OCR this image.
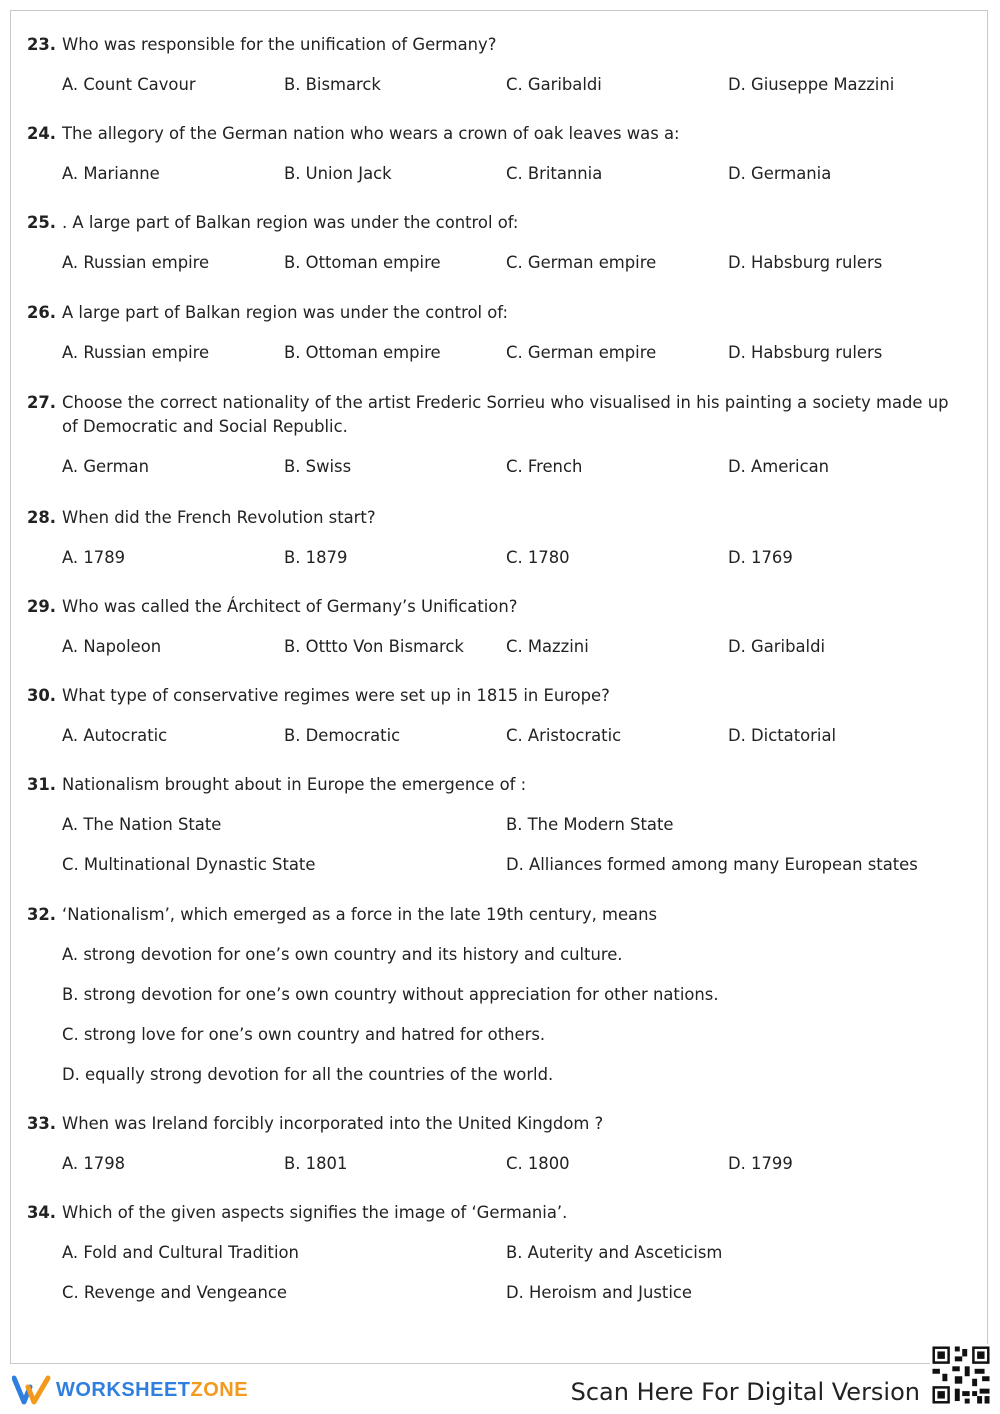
23. Who was responsible for the unification of Germany?
A. Count Cavour	B. Bismarck	C. Garibaldi	D. Giuseppe Mazzini
24. The allegory of the German nation who wears a crown of oak leaves was a:
A. Marianne	B. Union Jack	C. Britannia	D. Germania
25. . A large part of Balkan region was under the control of:
A. Russian empire	B. Ottoman empire	C. German empire	D. Habsburg rulers
26. A large part of Balkan region was under the control of:
A. Russian empire	B. Ottoman empire	C. German empire	D. Habsburg rulers
27. Choose the correct nationality of the artist Frederic Sorrieu who visualised in his painting a society made up of Democratic and Social Republic.
A. German	B. Swiss	C. French	D. American
28. When did the French Revolution start?
A. 1789	B. 1879	C. 1780	D. 1769
29. Who was called the Árchitect of Germany’s Unification?
A. Napoleon	B. Ottto Von Bismarck	C. Mazzini	D. Garibaldi
30. What type of conservative regimes were set up in 1815 in Europe?
A. Autocratic	B. Democratic	C. Aristocratic	D. Dictatorial
31. Nationalism brought about in Europe the emergence of :
A. The Nation State	B. The Modern State
C. Multinational Dynastic State	D. Alliances formed among many European states
32. ‘Nationalism’, which emerged as a force in the late 19th century, means
A. strong devotion for one’s own country and its history and culture.
B. strong devotion for one’s own country without appreciation for other nations.
C. strong love for one’s own country and hatred for others.
D. equally strong devotion for all the countries of the world.
33. When was Ireland forcibly incorporated into the United Kingdom ?
A. 1798	B. 1801	C. 1800	D. 1799
34. Which of the given aspects signifies the image of ‘Germania’.
A. Fold and Cultural Tradition	B. Auterity and Asceticism
C. Revenge and Vengeance	D. Heroism and Justice
WORKSHEETZONE	Scan Here For Digital Version
